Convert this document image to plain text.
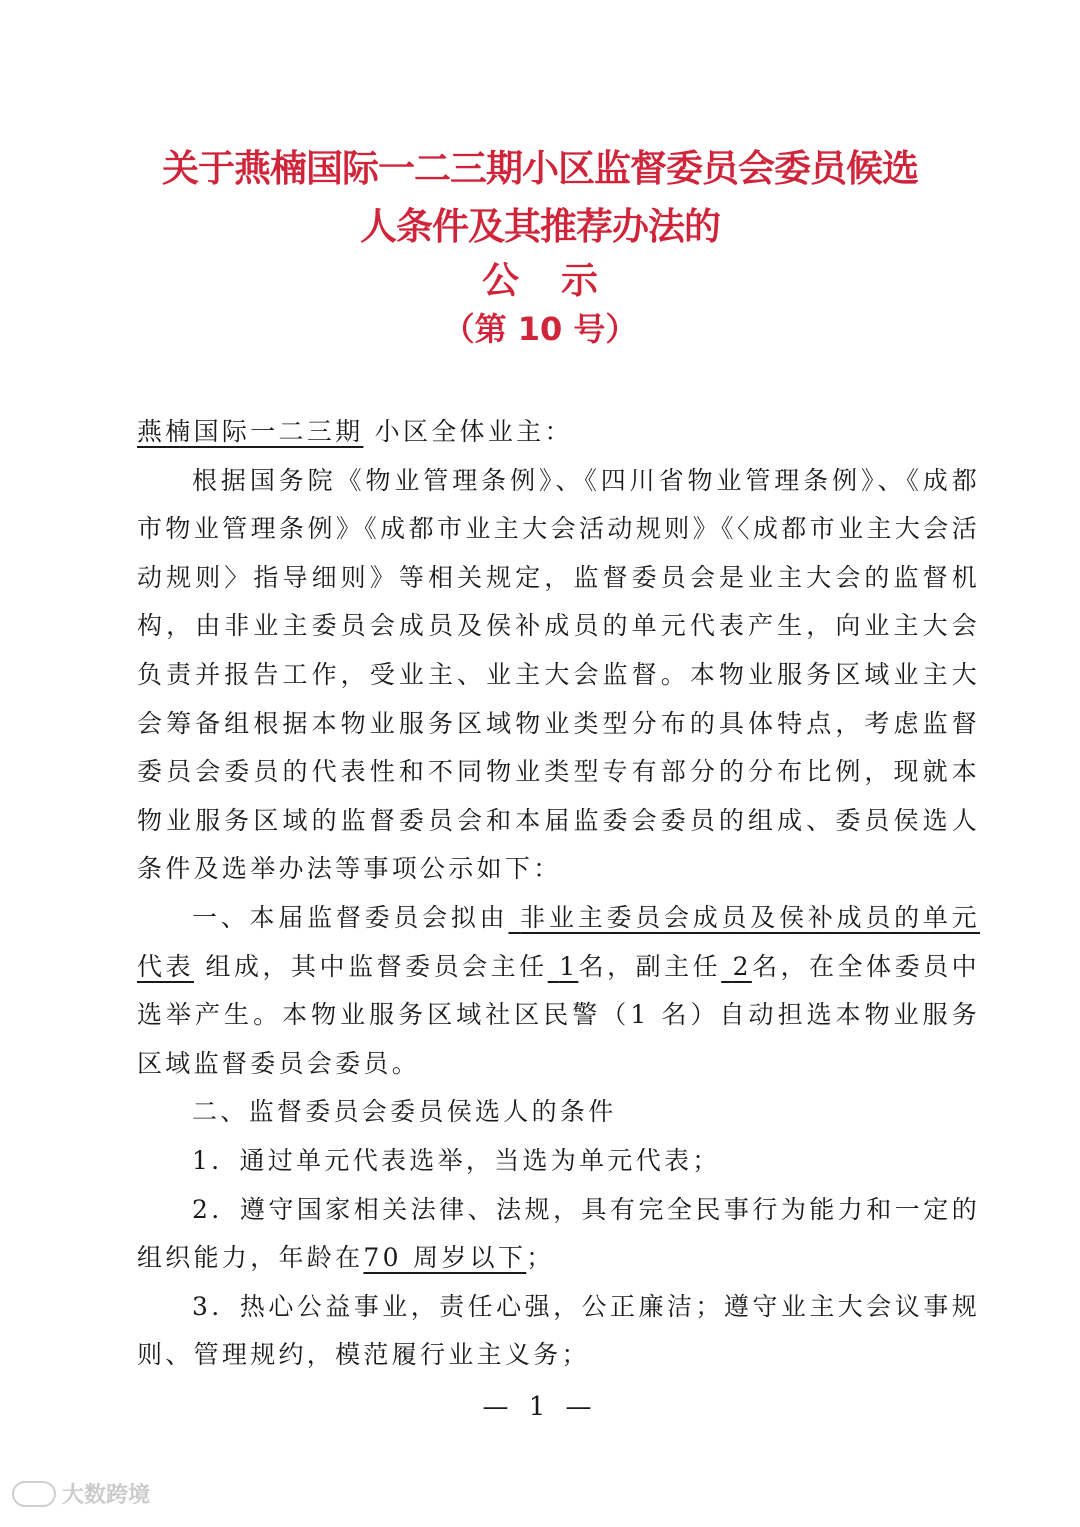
关于燕楠国际一二三期小区监督委员会委员候选
人条件及其推荐办法的
公示
（第 10 号）

燕楠国际一二三期 小区全体业主：

根据国务院《物业管理条例》、《四川省物业管理条例》、《成都市物业管理条例》《成都市业主大会活动规则》《〈成都市业主大会活动规则〉指导细则》等相关规定，监督委员会是业主大会的监督机构，由非业主委员会成员及侯补成员的单元代表产生，向业主大会负责并报告工作，受业主、业主大会监督。本物业服务区域业主大会筹备组根据本物业服务区域物业类型分布的具体特点，考虑监督委员会委员的代表性和不同物业类型专有部分的分布比例，现就本物业服务区域的监督委员会和本届监委会委员的组成、委员侯选人条件及选举办法等事项公示如下：

一、本届监督委员会拟由 非业主委员会成员及侯补成员的单元代表 组成，其中监督委员会主任 1名，副主任 2名，在全体委员中选举产生。本物业服务区域社区民警（1 名）自动担选本物业服务区域监督委员会委员。

二、监督委员会委员侯选人的条件

1．通过单元代表选举，当选为单元代表；

2．遵守国家相关法律、法规，具有完全民事行为能力和一定的组织能力，年龄在70 周岁以下；

3．热心公益事业，责任心强，公正廉洁；遵守业主大会议事规则、管理规约，模范履行业主义务；

— 1 —
大数跨境
